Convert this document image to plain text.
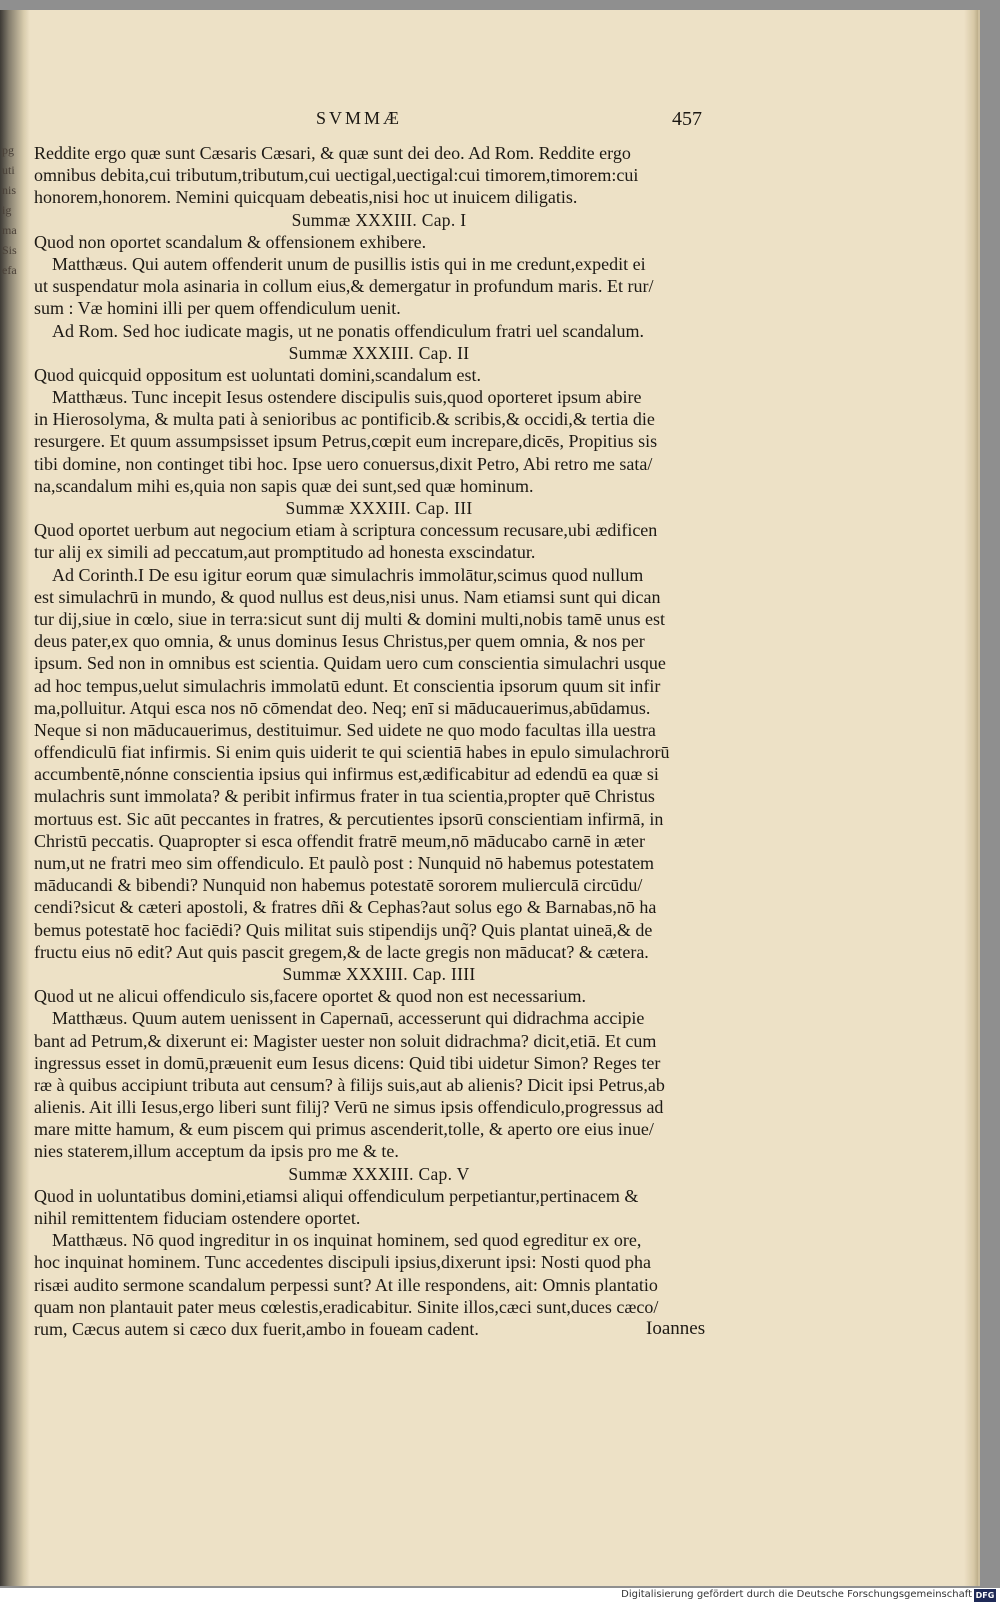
pgutinisigmaSisefa
SVMMÆ	457
Reddite ergo quæ sunt Cæsaris Cæsari, & quæ sunt dei deo. Ad Rom. Reddite ergo
omnibus debita,cui tributum,tributum,cui uectigal,uectigal:cui timorem,timorem:cui
honorem,honorem. Nemini quicquam debeatis,nisi hoc ut inuicem diligatis.
Summæ XXXIII. Cap. I
Quod non oportet scandalum & offensionem exhibere.
Matthæus. Qui autem offenderit unum de pusillis istis qui in me credunt,expedit ei
ut suspendatur mola asinaria in collum eius,& demergatur in profundum maris. Et rur/
sum : Væ homini illi per quem offendiculum uenit.
Ad Rom. Sed hoc iudicate magis, ut ne ponatis offendiculum fratri uel scandalum.
Summæ XXXIII. Cap. II
Quod quicquid oppositum est uoluntati domini,scandalum est.
Matthæus. Tunc incepit Iesus ostendere discipulis suis,quod oporteret ipsum abire
in Hierosolyma, & multa pati à senioribus ac pontificib.& scribis,& occidi,& tertia die
resurgere. Et quum assumpsisset ipsum Petrus,cœpit eum increpare,dicēs, Propitius sis
tibi domine, non continget tibi hoc. Ipse uero conuersus,dixit Petro, Abi retro me sata/
na,scandalum mihi es,quia non sapis quæ dei sunt,sed quæ hominum.
Summæ XXXIII. Cap. III
Quod oportet uerbum aut negocium etiam à scriptura concessum recusare,ubi ædificen
tur alij ex simili ad peccatum,aut promptitudo ad honesta exscindatur.
Ad Corinth.I De esu igitur eorum quæ simulachris immolātur,scimus quod nullum
est simulachrū in mundo, & quod nullus est deus,nisi unus. Nam etiamsi sunt qui dican
tur dij,siue in cœlo, siue in terra:sicut sunt dij multi & domini multi,nobis tamē unus est
deus pater,ex quo omnia, & unus dominus Iesus Christus,per quem omnia, & nos per
ipsum. Sed non in omnibus est scientia. Quidam uero cum conscientia simulachri usque
ad hoc tempus,uelut simulachris immolatū edunt. Et conscientia ipsorum quum sit infir
ma,polluitur. Atqui esca nos nō cōmendat deo. Neq; enī si māducauerimus,abūdamus.
Neque si non māducauerimus, destituimur. Sed uidete ne quo modo facultas illa uestra
offendiculū fiat infirmis. Si enim quis uiderit te qui scientiā habes in epulo simulachrorū
accumbentē,nónne conscientia ipsius qui infirmus est,ædificabitur ad edendū ea quæ si
mulachris sunt immolata? & peribit infirmus frater in tua scientia,propter quē Christus
mortuus est. Sic aūt peccantes in fratres, & percutientes ipsorū conscientiam infirmā, in
Christū peccatis. Quapropter si esca offendit fratrē meum,nō māducabo carnē in æter
num,ut ne fratri meo sim offendiculo. Et paulò post : Nunquid nō habemus potestatem
māducandi & bibendi? Nunquid non habemus potestatē sororem mulierculā circūdu/
cendi?sicut & cæteri apostoli, & fratres dñi & Cephas?aut solus ego & Barnabas,nō ha
bemus potestatē hoc faciēdi? Quis militat suis stipendijs unq̃? Quis plantat uineā,& de
fructu eius nō edit? Aut quis pascit gregem,& de lacte gregis non māducat? & cætera.
Summæ XXXIII. Cap. IIII
Quod ut ne alicui offendiculo sis,facere oportet & quod non est necessarium.
Matthæus. Quum autem uenissent in Capernaū, accesserunt qui didrachma accipie
bant ad Petrum,& dixerunt ei: Magister uester non soluit didrachma? dicit,etiā. Et cum
ingressus esset in domū,præuenit eum Iesus dicens: Quid tibi uidetur Simon? Reges ter
ræ à quibus accipiunt tributa aut censum? à filijs suis,aut ab alienis? Dicit ipsi Petrus,ab
alienis. Ait illi Iesus,ergo liberi sunt filij? Verū ne simus ipsis offendiculo,progressus ad
mare mitte hamum, & eum piscem qui primus ascenderit,tolle, & aperto ore eius inue/
nies staterem,illum acceptum da ipsis pro me & te.
Summæ XXXIII. Cap. V
Quod in uoluntatibus domini,etiamsi aliqui offendiculum perpetiantur,pertinacem &
nihil remittentem fiduciam ostendere oportet.
Matthæus. Nō quod ingreditur in os inquinat hominem, sed quod egreditur ex ore,
hoc inquinat hominem. Tunc accedentes discipuli ipsius,dixerunt ipsi: Nosti quod pha
risæi audito sermone scandalum perpessi sunt? At ille respondens, ait: Omnis plantatio
quam non plantauit pater meus cœlestis,eradicabitur. Sinite illos,cæci sunt,duces cæco/
rum, Cæcus autem si cæco dux fuerit,ambo in foueam cadent.	Ioannes
Digitalisierung gefördert durch die Deutsche Forschungsgemeinschaft DFG
